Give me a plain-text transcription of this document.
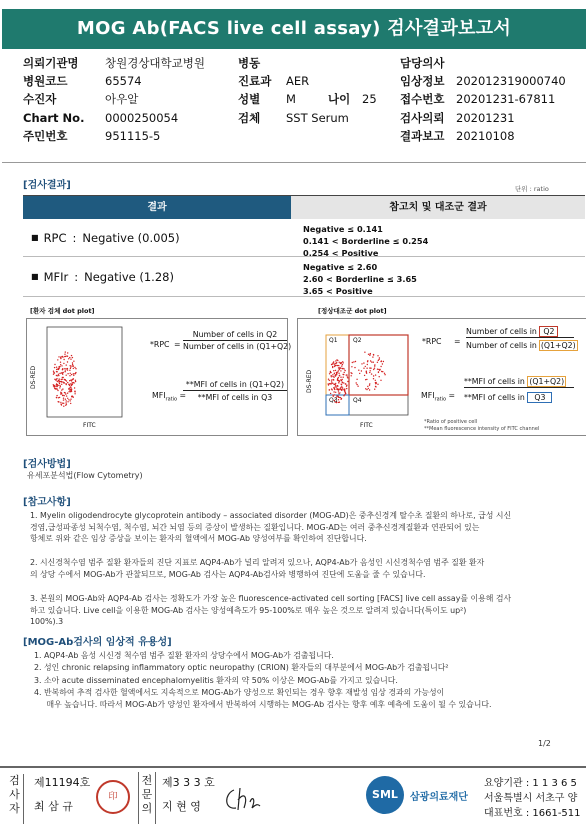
MOG Ab(FACS live cell assay) 검사결과보고서
의뢰기관명	창원경상대학교병원
병원코드	65574
수진자	아우알
Chart No.	0000250054
주민번호	951115-5
병동
진료과	AER
성별	M	나이	25
검체	SST Serum
담당의사
임상정보	202012319000740
접수번호	20201231-67811
검사의뢰	20201231
결과보고	20210108
[검사결과]	단위 : ratio
결과	참고치 및 대조군 결과
■ RPC : Negative (0.005)
Negative ≤ 0.141
0.141 < Borderline ≤ 0.254
0.254 < Positive
■ MFIr : Negative (1.28)
Negative ≤ 2.60
2.60 < Borderline ≤ 3.65
3.65 < Positive
[환자 검체 dot plot]	[정상대조군 dot plot]
DS-RED
FITC
*RPC =
Number of cells in Q2
Number of cells in (Q1+Q2)
$MFI_{ratio}$ =
**MFI of cells in (Q1+Q2)
**MFI of cells in Q3
Q1	Q2
Q3	Q4
DS-RED
FITC
*RPC =
Number of cells in Q2
Number of cells in (Q1+Q2)
$MFI_{ratio}$ =
**MFI of cells in (Q1+Q2)
**MFI of cells in Q3
*Ratio of positive cell
**Mean fluorescence intensity of FITC channel
[검사방법]
유세포분석법(Flow Cytometry)
[참고사항]
1. Myelin oligodendrocyte glycoprotein antibody – associated disorder (MOG-AD)은 중추신경계 탈수초 질환의 하나로, 급성 시신
경염,급성파종성 뇌척수염, 척수염, 뇌간 뇌염 등의 증상이 발생하는 질환입니다. MOG-AD는 여러 중추신경계질환과 연관되어 있는
항체로 위와 같은 임상 증상을 보이는 환자의 혈액에서 MOG-Ab 양성여부를 확인하여 진단합니다.
2. 시신경척수염 범주 질환 환자들의 진단 지표로 AQP4-Ab가 널리 알려져 있으나, AQP4-Ab가 음성인 시신경척수염 범주 질환 환자
의 상당 수에서 MOG-Ab가 관찰되므로, MOG-Ab 검사는 AQP4-Ab검사와 병행하여 진단에 도움을 줄 수 있습니다.
3. 본원의 MOG-Ab와 AQP4-Ab 검사는 정확도가 가장 높은 fluorescence-activated cell sorting [FACS] live cell assay를 이용해 검사
하고 있습니다. Live cell을 이용한 MOG-Ab 검사는 양성예측도가 95-100%로 매우 높은 것으로 알려져 있습니다(특이도 up²)
100%).3
[MOG-Ab검사의 임상적 유용성]
1. AQP4-Ab 음성 시신경 척수염 범주 질환 환자의 상당수에서 MOG-Ab가 검출됩니다.
2. 성인 chronic relapsing inflammatory optic neuropathy (CRION) 환자들의 대부분에서 MOG-Ab가 검출됩니다²
3. 소아 acute disseminated encephalomyelitis 환자의 약 50% 이상은 MOG-Ab를 가지고 있습니다.
4. 반복하여 추적 검사한 혈액에서도 지속적으로 MOG-Ab가 양성으로 확인되는 경우 향후 재발성 임상 경과의 가능성이
매우 높습니다. 따라서 MOG-Ab가 양성인 환자에서 반복하여 시행하는 MOG-Ab 검사는 향후 예후 예측에 도움이 될 수 있습니다.
1/2
검사자
제11194호
최 삼 규
印
전문의
제3 3 3 호
지 현 영
SML	삼광의료재단
요양기관 : 1 1 3 6 5
서울특별시 서초구 양
대표번호 : 1661-511
